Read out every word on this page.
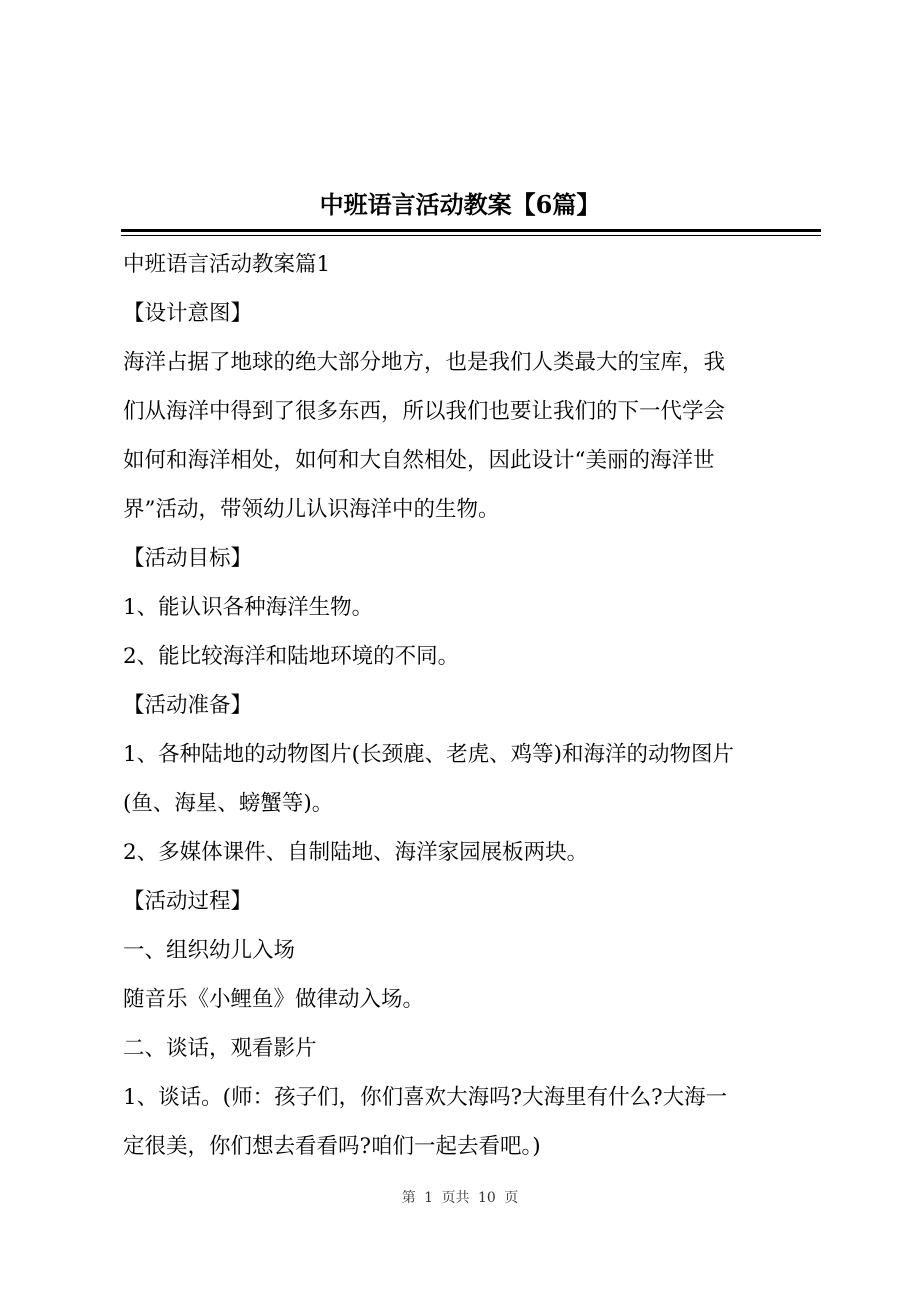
中班语言活动教案【6篇】

中班语言活动教案篇1

【设计意图】

海洋占据了地球的绝大部分地方，也是我们人类最大的宝库，我

们从海洋中得到了很多东西，所以我们也要让我们的下一代学会

如何和海洋相处，如何和大自然相处，因此设计“美丽的海洋世

界”活动，带领幼儿认识海洋中的生物。

【活动目标】

1、能认识各种海洋生物。

2、能比较海洋和陆地环境的不同。

【活动准备】

1、各种陆地的动物图片(长颈鹿、老虎、鸡等)和海洋的动物图片

(鱼、海星、螃蟹等)。

2、多媒体课件、自制陆地、海洋家园展板两块。

【活动过程】

一、组织幼儿入场

随音乐《小鲤鱼》做律动入场。

二、谈话，观看影片

1、谈话。(师：孩子们，你们喜欢大海吗?大海里有什么?大海一

定很美，你们想去看看吗?咱们一起去看吧。)

第 1 页共 10 页
